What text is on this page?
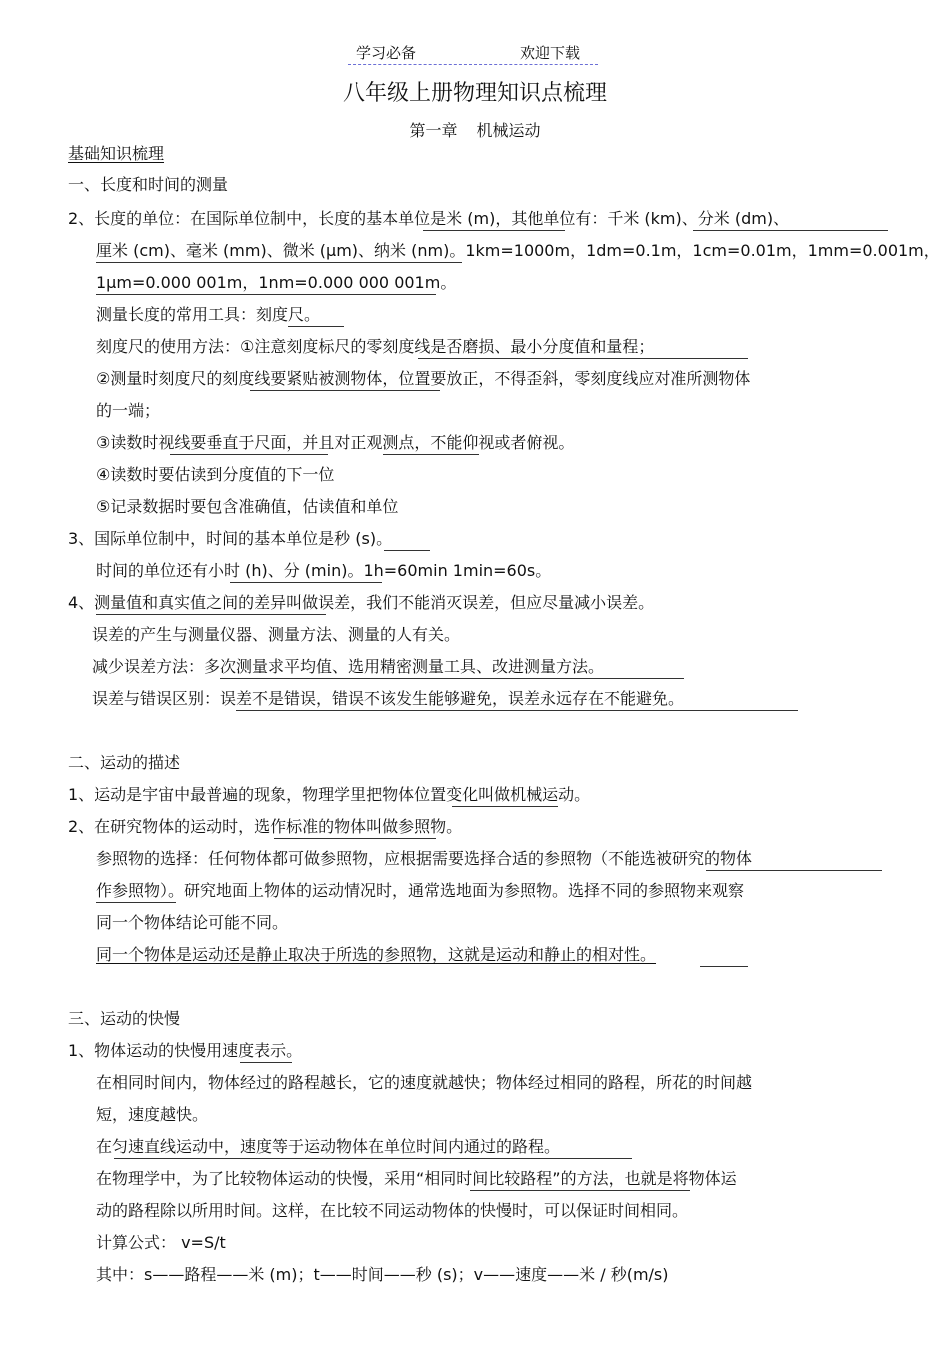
学习必备	欢迎下载
八年级上册物理知识点梳理
第一章 机械运动
基础知识梳理
一、长度和时间的测量
2、长度的单位：在国际单位制中，长度的基本单位是米 (m)，其他单位有：千米 (km)、分米 (dm)、
厘米 (cm)、毫米 (mm)、微米 (μm)、纳米 (nm)。1km=1000m，1dm=0.1m，1cm=0.01m，1mm=0.001m，
1μm=0.000 001m，1nm=0.000 000 001m。
测量长度的常用工具：刻度尺。
刻度尺的使用方法：①注意刻度标尺的零刻度线是否磨损、最小分度值和量程；
②测量时刻度尺的刻度线要紧贴被测物体，位置要放正，不得歪斜，零刻度线应对准所测物体
的一端；
③读数时视线要垂直于尺面，并且对正观测点，不能仰视或者俯视。
④读数时要估读到分度值的下一位
⑤记录数据时要包含准确值，估读值和单位
3、国际单位制中，时间的基本单位是秒 (s)。
时间的单位还有小时 (h)、分 (min)。1h=60min 1min=60s。
4、测量值和真实值之间的差异叫做误差，我们不能消灭误差，但应尽量减小误差。
误差的产生与测量仪器、测量方法、测量的人有关。
减少误差方法：多次测量求平均值、选用精密测量工具、改进测量方法。
误差与错误区别：误差不是错误，错误不该发生能够避免，误差永远存在不能避免。
二、运动的描述
1、运动是宇宙中最普遍的现象，物理学里把物体位置变化叫做机械运动。
2、在研究物体的运动时，选作标准的物体叫做参照物。
参照物的选择：任何物体都可做参照物，应根据需要选择合适的参照物（不能选被研究的物体
作参照物）。研究地面上物体的运动情况时，通常选地面为参照物。选择不同的参照物来观察
同一个物体结论可能不同。
同一个物体是运动还是静止取决于所选的参照物，这就是运动和静止的相对性。
三、运动的快慢
1、物体运动的快慢用速度表示。
在相同时间内，物体经过的路程越长，它的速度就越快；物体经过相同的路程，所花的时间越
短，速度越快。
在匀速直线运动中，速度等于运动物体在单位时间内通过的路程。
在物理学中，为了比较物体运动的快慢，采用“相同时间比较路程”的方法，也就是将物体运
动的路程除以所用时间。这样，在比较不同运动物体的快慢时，可以保证时间相同。
计算公式： v=S/t
其中：s——路程——米 (m)；t——时间——秒 (s)；v——速度——米 / 秒(m/s)
